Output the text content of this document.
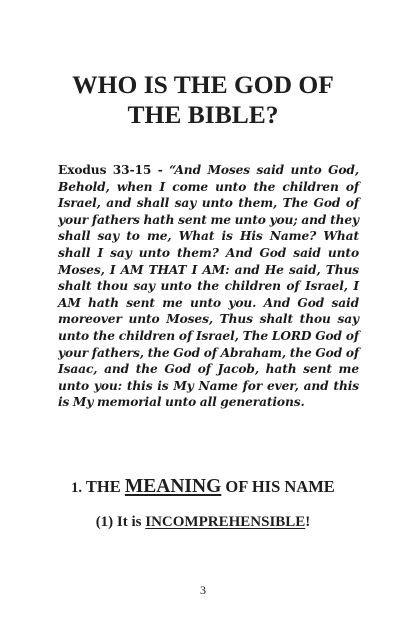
WHO IS THE GOD OF
THE BIBLE?

Exodus 33-15 - “And Moses said unto God, Behold, when I come unto the children of Israel, and shall say unto them, The God of your fathers hath sent me unto you; and they shall say to me, What is His Name? What shall I say unto them? And God said unto Moses, I AM THAT I AM: and He said, Thus shalt thou say unto the children of Israel, I AM hath sent me unto you. And God said moreover unto Moses, Thus shalt thou say unto the children of Israel, The LORD God of your fathers, the God of Abraham, the God of Isaac, and the God of Jacob, hath sent me unto you: this is My Name for ever, and this is My memorial unto all generations.

1. THE MEANING OF HIS NAME
(1) It is INCOMPREHENSIBLE!
3
